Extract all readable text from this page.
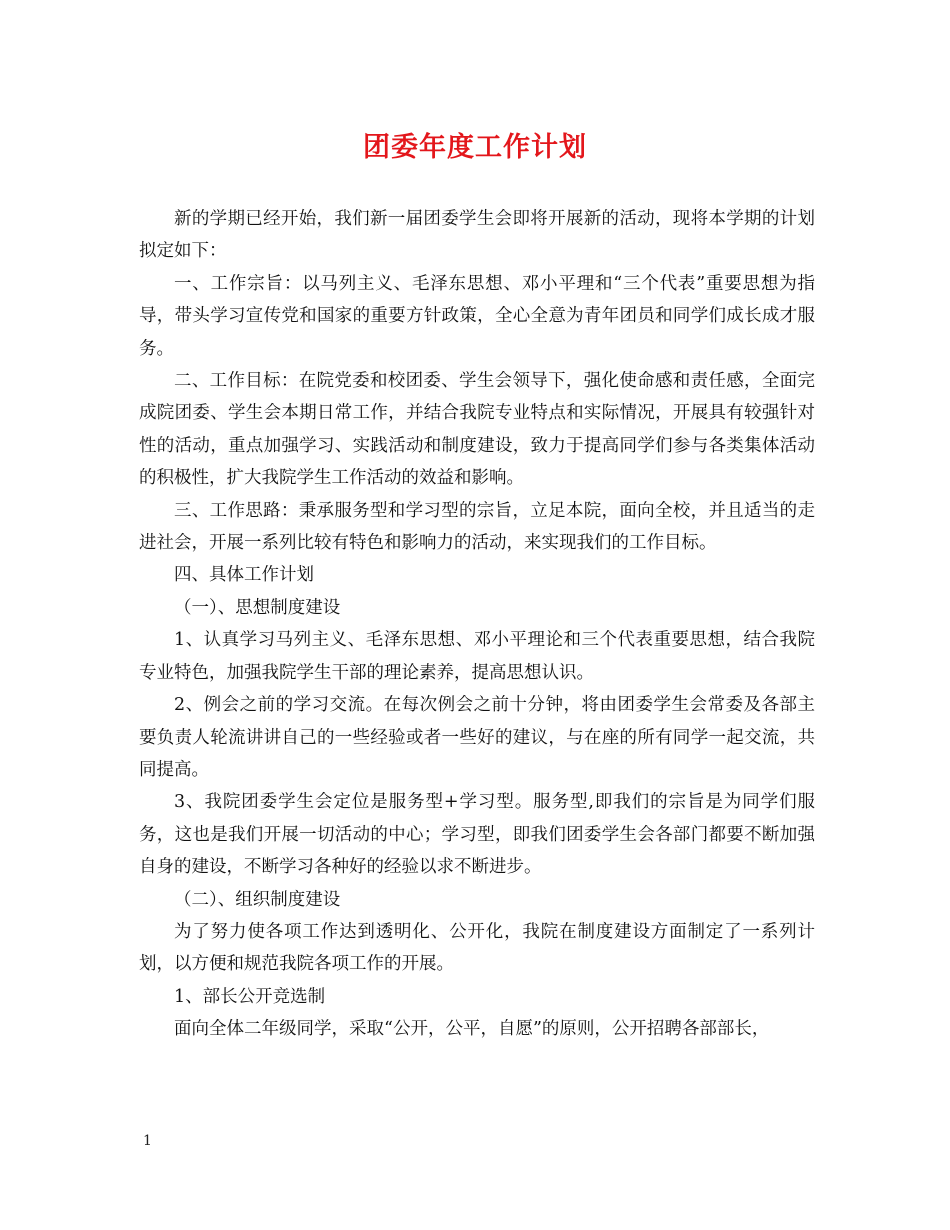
团委年度工作计划

新的学期已经开始，我们新一届团委学生会即将开展新的活动，现将本学期的计划拟定如下：

一、工作宗旨：以马列主义、毛泽东思想、邓小平理和“三个代表”重要思想为指导，带头学习宣传党和国家的重要方针政策，全心全意为青年团员和同学们成长成才服务。

二、工作目标：在院党委和校团委、学生会领导下，强化使命感和责任感，全面完成院团委、学生会本期日常工作，并结合我院专业特点和实际情况，开展具有较强针对性的活动，重点加强学习、实践活动和制度建设，致力于提高同学们参与各类集体活动的积极性，扩大我院学生工作活动的效益和影响。

三、工作思路：秉承服务型和学习型的宗旨，立足本院，面向全校，并且适当的走进社会，开展一系列比较有特色和影响力的活动，来实现我们的工作目标。

四、具体工作计划

（一）、思想制度建设

1、认真学习马列主义、毛泽东思想、邓小平理论和三个代表重要思想，结合我院专业特色，加强我院学生干部的理论素养，提高思想认识。

2、例会之前的学习交流。在每次例会之前十分钟，将由团委学生会常委及各部主要负责人轮流讲讲自己的一些经验或者一些好的建议，与在座的所有同学一起交流，共同提高。

3、我院团委学生会定位是服务型+学习型。服务型,即我们的宗旨是为同学们服务，这也是我们开展一切活动的中心；学习型，即我们团委学生会各部门都要不断加强自身的建设，不断学习各种好的经验以求不断进步。

（二）、组织制度建设

为了努力使各项工作达到透明化、公开化，我院在制度建设方面制定了一系列计划，以方便和规范我院各项工作的开展。

1、部长公开竞选制

面向全体二年级同学，采取“公开，公平，自愿”的原则，公开招聘各部部长，

1
